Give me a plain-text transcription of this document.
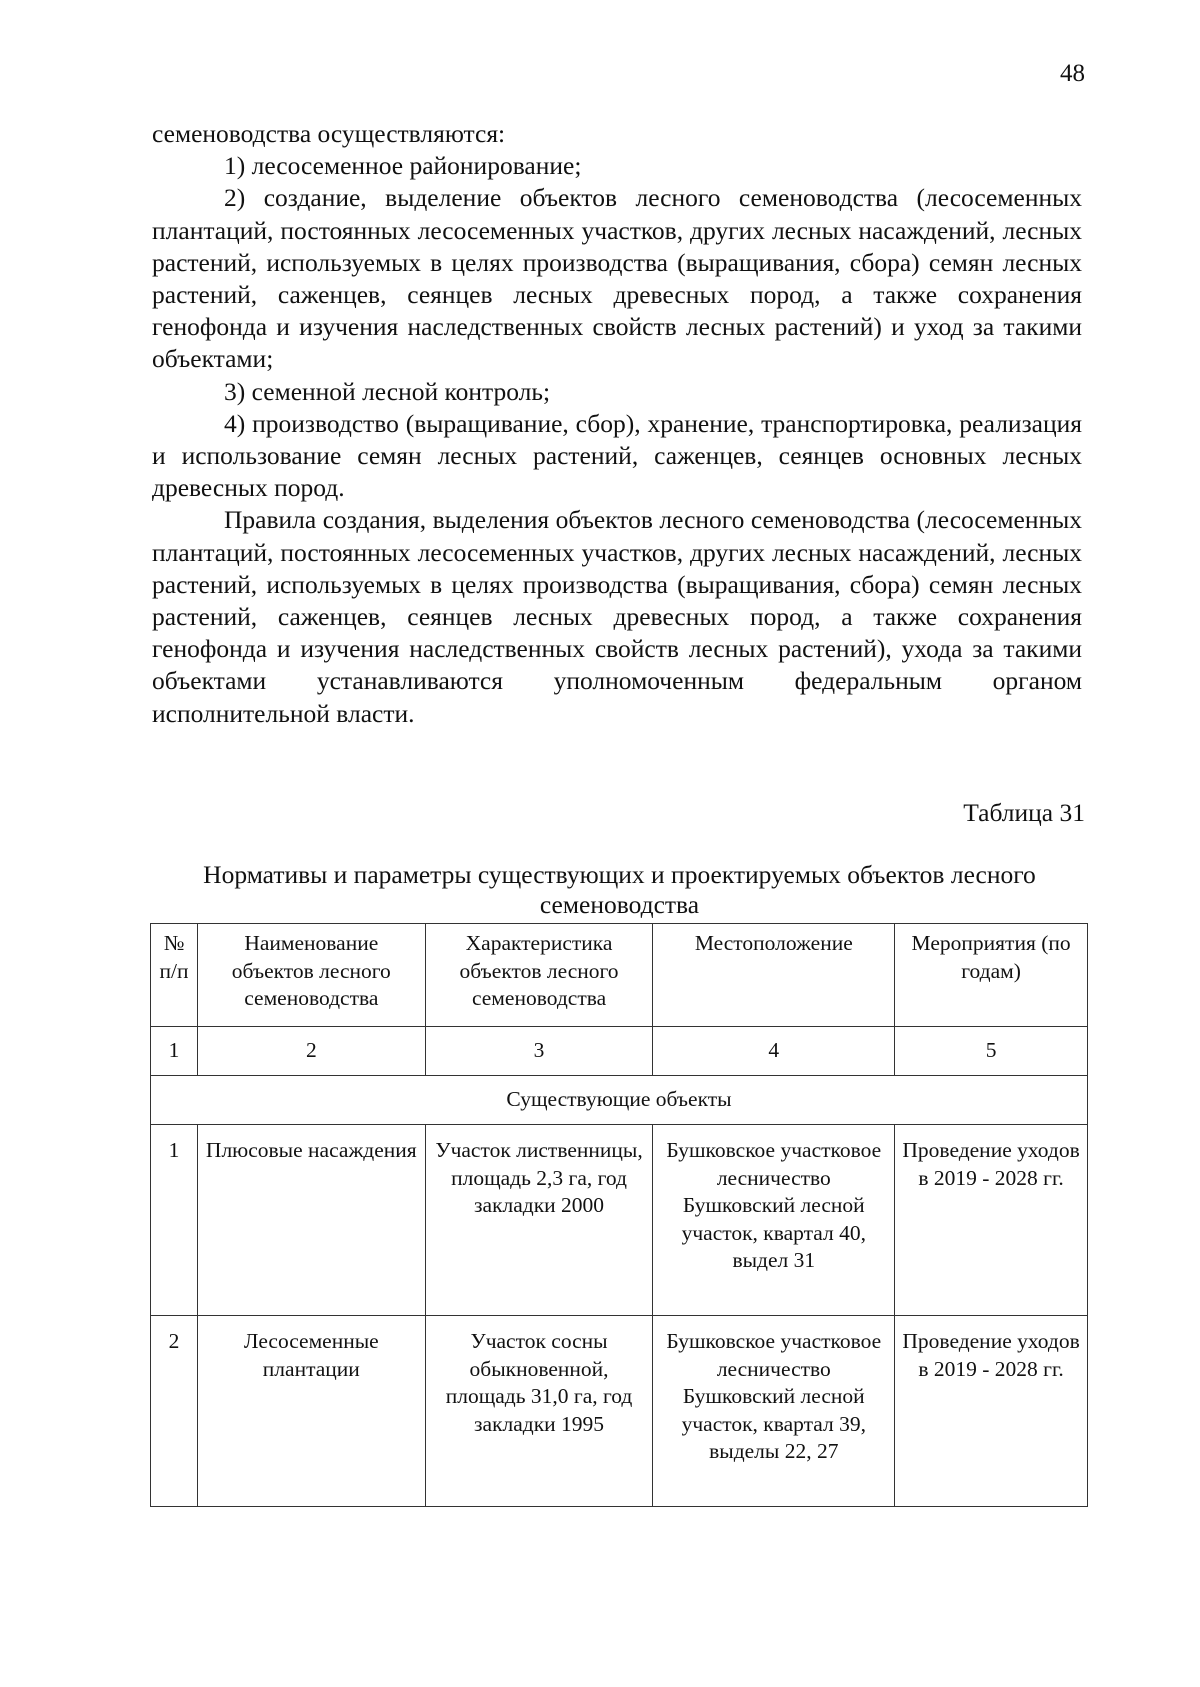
48

семеноводства осуществляются:

1) лесосеменное районирование;

2) создание, выделение объектов лесного семеноводства (лесосеменных плантаций, постоянных лесосеменных участков, других лесных насаждений, лесных растений, используемых в целях производства (выращивания, сбора) семян лесных растений, саженцев, сеянцев лесных древесных пород, а также сохранения генофонда и изучения наследственных свойств лесных растений) и уход за такими объектами;

3) семенной лесной контроль;

4) производство (выращивание, сбор), хранение, транспортировка, реализация и использование семян лесных растений, саженцев, сеянцев основных лесных древесных пород.

Правила создания, выделения объектов лесного семеноводства (лесосеменных плантаций, постоянных лесосеменных участков, других лесных насаждений, лесных растений, используемых в целях производства (выращивания, сбора) семян лесных растений, саженцев, сеянцев лесных древесных пород, а также сохранения генофонда и изучения наследственных свойств лесных растений), ухода за такими объектами устанавливаются уполномоченным федеральным органом исполнительной власти.

Таблица 31
Нормативы и параметры существующих и проектируемых объектов лесного семеноводства
№ п/п	Наименование объектов лесного семеноводства	Характеристика объектов лесного семеноводства	Местоположение	Мероприятия (по годам)
1	2	3	4	5
Существующие объекты				
1	Плюсовые насаждения	Участок лиственницы, площадь 2,3 га, год закладки 2000	Бушковское участковое лесничество Бушковский лесной участок, квартал 40, выдел 31	Проведение уходов в 2019 - 2028 гг.
2	Лесосеменные плантации	Участок сосны обыкновенной, площадь 31,0 га, год закладки 1995	Бушковское участковое лесничество Бушковский лесной участок, квартал 39, выделы 22, 27	Проведение уходов в 2019 - 2028 гг.
